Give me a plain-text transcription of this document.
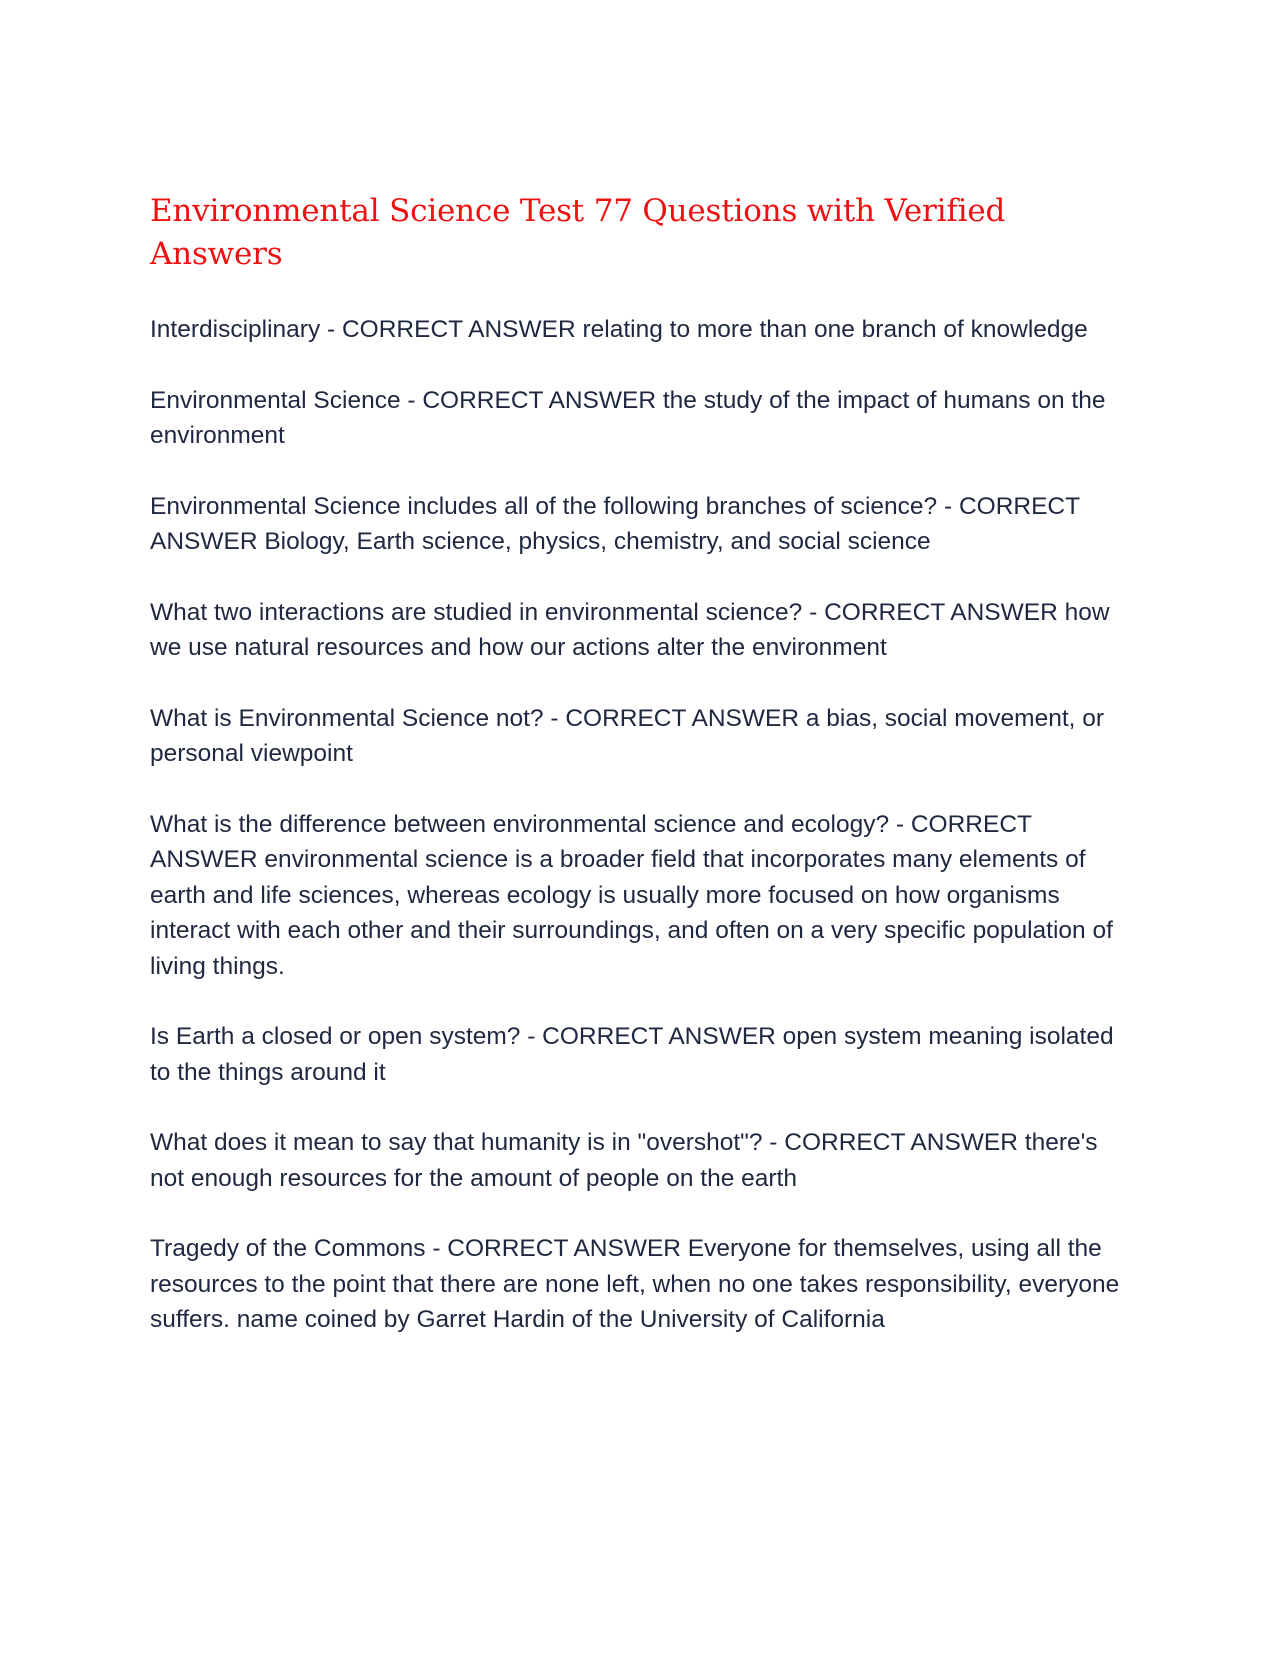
Environmental Science Test 77 Questions with Verified Answers

Interdisciplinary - CORRECT ANSWER relating to more than one branch of knowledge

Environmental Science - CORRECT ANSWER the study of the impact of humans on the environment

Environmental Science includes all of the following branches of science? - CORRECT ANSWER Biology, Earth science, physics, chemistry, and social science

What two interactions are studied in environmental science? - CORRECT ANSWER how we use natural resources and how our actions alter the environment

What is Environmental Science not? - CORRECT ANSWER a bias, social movement, or personal viewpoint

What is the difference between environmental science and ecology? - CORRECT ANSWER environmental science is a broader field that incorporates many elements of earth and life sciences, whereas ecology is usually more focused on how organisms interact with each other and their surroundings, and often on a very specific population of living things.

Is Earth a closed or open system? - CORRECT ANSWER open system meaning isolated to the things around it

What does it mean to say that humanity is in "overshot"? - CORRECT ANSWER there's not enough resources for the amount of people on the earth

Tragedy of the Commons - CORRECT ANSWER Everyone for themselves, using all the resources to the point that there are none left, when no one takes responsibility, everyone suffers. name coined by Garret Hardin of the University of California
